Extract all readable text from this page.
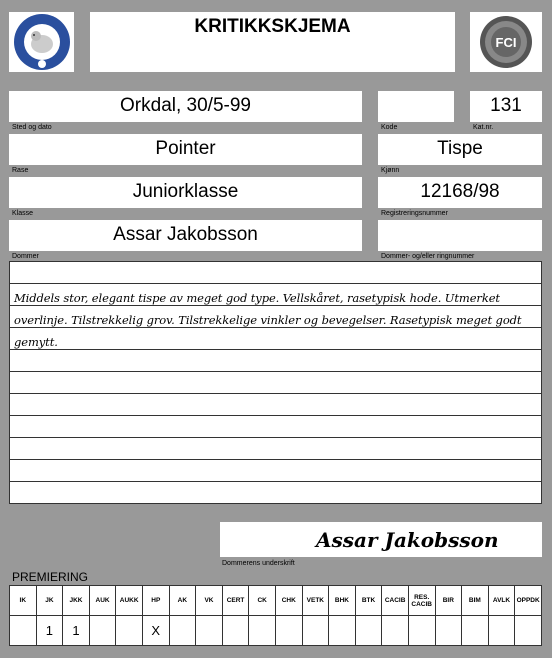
KRITIKKSKJEMA
FCI
Orkdal, 30/5-99
Sted og dato	Kode
131
Kat.nr.
Pointer
Rase
Tispe
Kjønn
Juniorklasse
Klasse
12168/98
Registreringsnummer
Assar Jakobsson
Dommer	Dommer- og/eller ringnummer
Middels stor, elegant tispe av meget god type. Vellskåret, rasetypisk hode. Utmerket overlinje. Tilstrekkelig grov. Tilstrekkelige vinkler og bevegelser. Rasetypisk meget godt gemytt.
Assar Jakobsson
Dommerens underskrift
PREMIERING
IK	JK	JKK	AUK	AUKK	HP	AK	VK	CERT	CK	CHK	VETK	BHK	BTK	CACIB	RES. CACIB	BIR	BIM	AVLK	OPPDK
	1	1			X														
